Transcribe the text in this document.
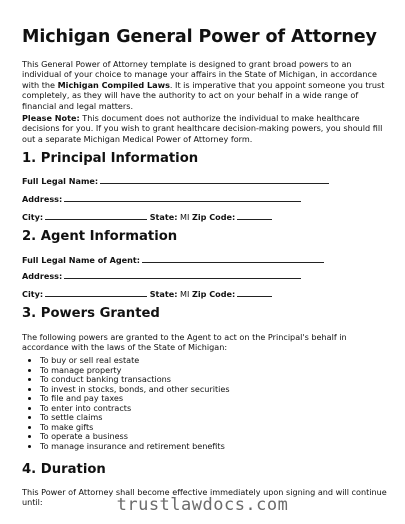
Michigan General Power of Attorney

This General Power of Attorney template is designed to grant broad powers to an individual of your choice to manage your affairs in the State of Michigan, in accordance with the Michigan Compiled Laws. It is imperative that you appoint someone you trust completely, as they will have the authority to act on your behalf in a wide range of financial and legal matters.

Please Note: This document does not authorize the individual to make healthcare decisions for you. If you wish to grant healthcare decision-making powers, you should fill out a separate Michigan Medical Power of Attorney form.

1. Principal Information
Full Legal Name:
Address:
City:	State: MI Zip Code:
2. Agent Information
Full Legal Name of Agent:
Address:
City:	State: MI Zip Code:
3. Powers Granted

The following powers are granted to the Agent to act on the Principal's behalf in accordance with the laws of the State of Michigan:

• To buy or sell real estate
• To manage property
• To conduct banking transactions
• To invest in stocks, bonds, and other securities
• To file and pay taxes
• To enter into contracts
• To settle claims
• To make gifts
• To operate a business
• To manage insurance and retirement benefits
4. Duration

This Power of Attorney shall become effective immediately upon signing and will continue until:	trustlawdocs.com
